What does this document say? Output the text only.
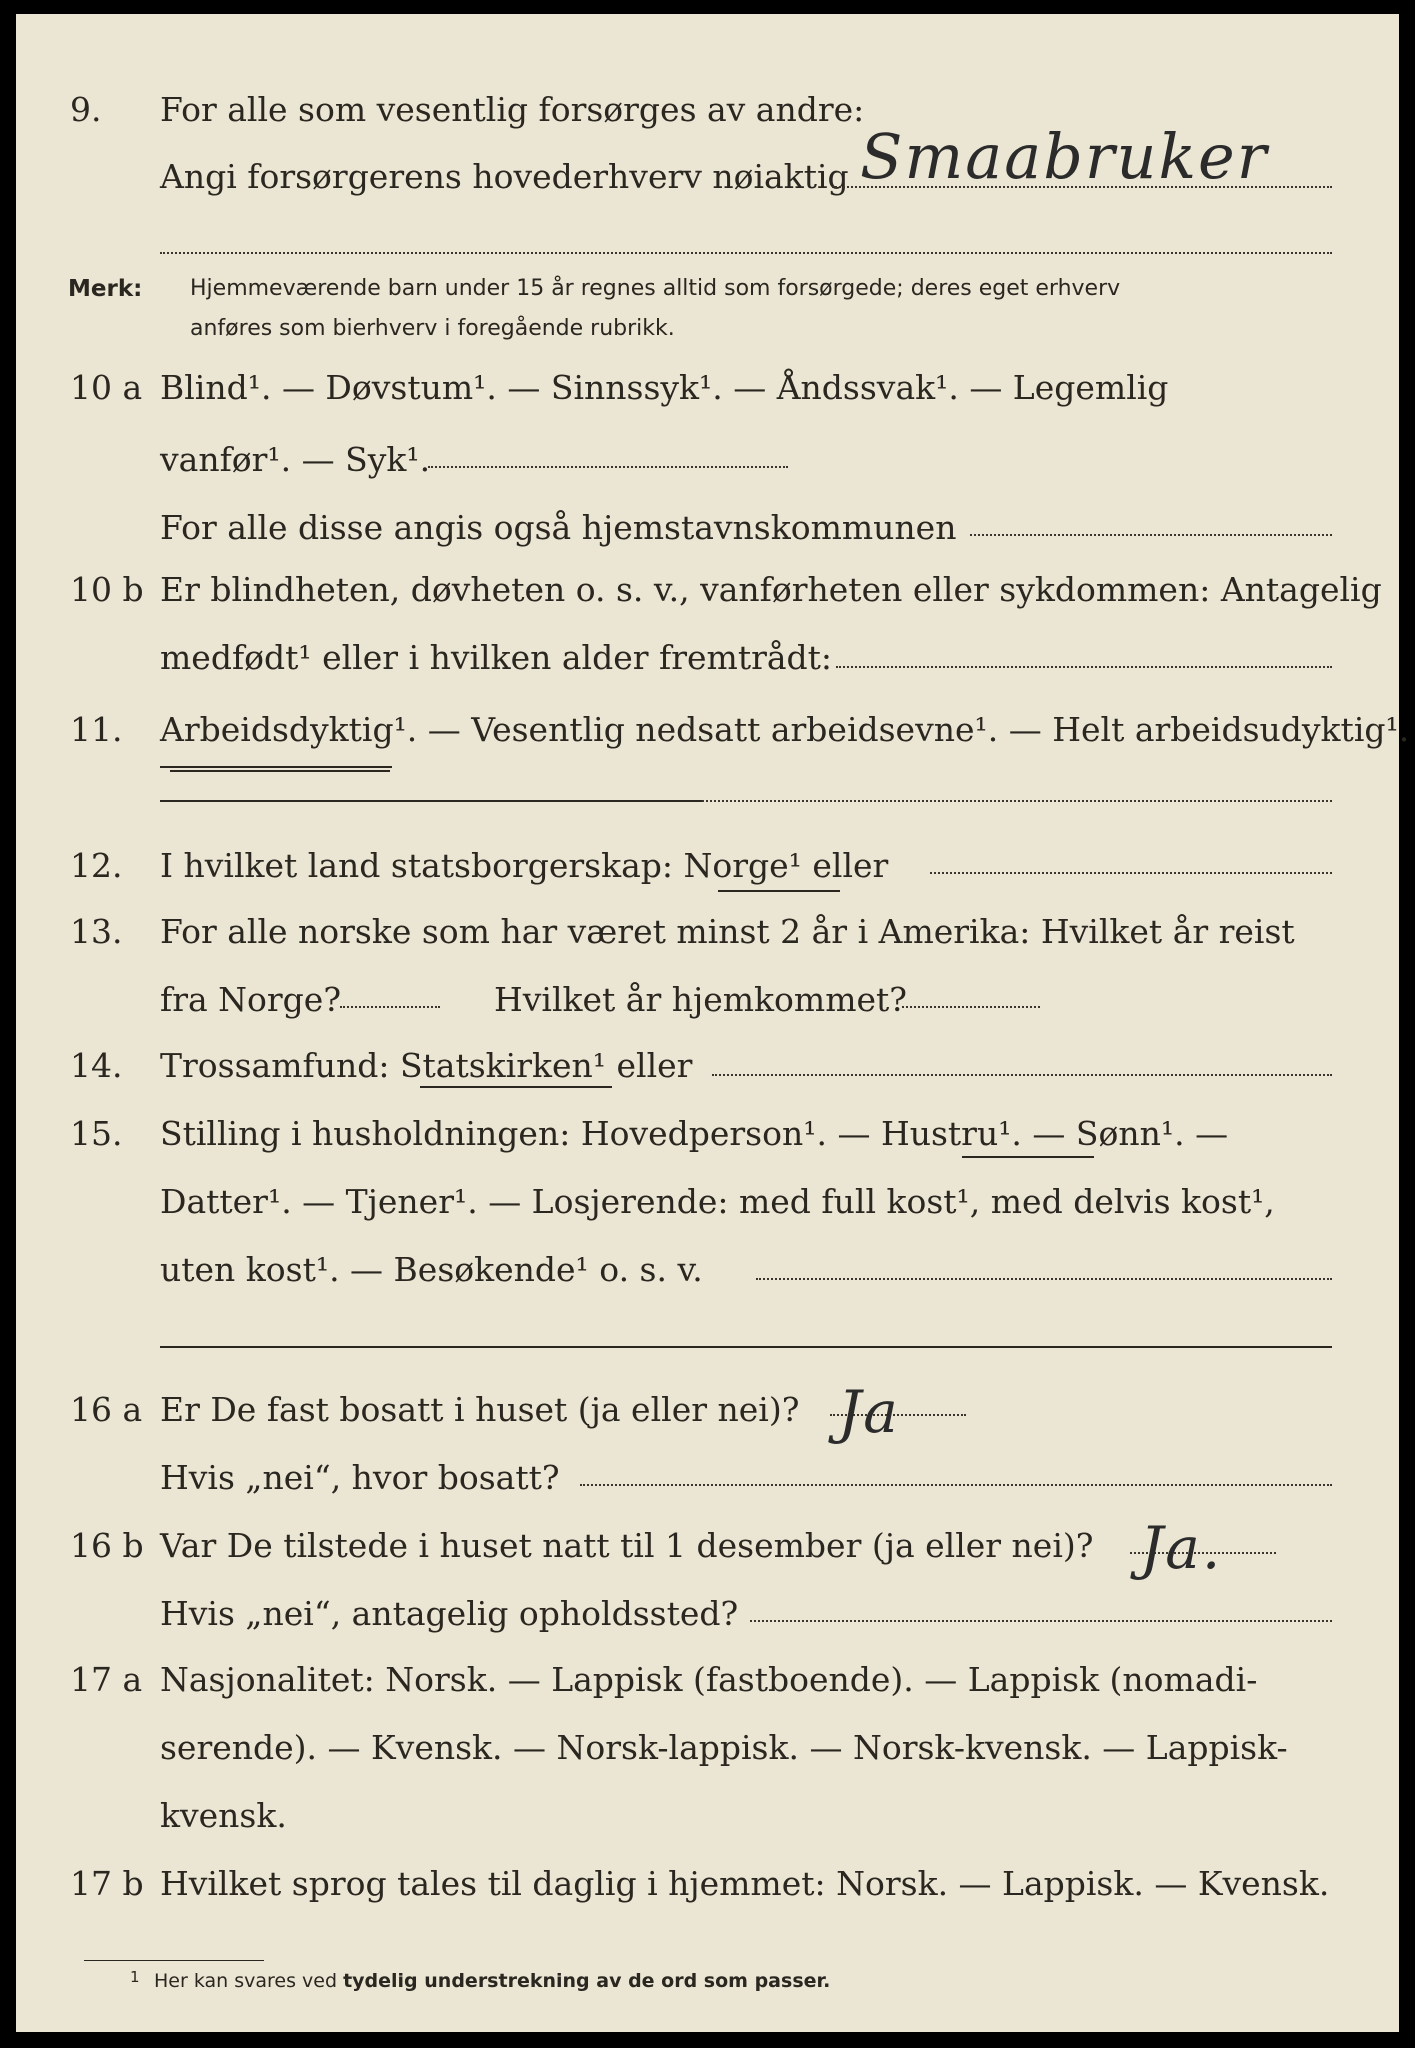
9. For alle som vesentlig forsørges av andre:
Angi forsørgerens hovederhverv nøiaktig Smaabruker
Merk: Hjemmeværende barn under 15 år regnes alltid som forsørgede; deres eget erhverv
anføres som bierhverv i foregående rubrikk.
10 a Blind¹. — Døvstum¹. — Sinnssyk¹. — Åndssvak¹. — Legemlig
vanfør¹. — Syk¹.
For alle disse angis også hjemstavnskommunen
10 b Er blindheten, døvheten o. s. v., vanførheten eller sykdommen: Antagelig
medfødt¹ eller i hvilken alder fremtrådt:
11. Arbeidsdyktig¹. — Vesentlig nedsatt arbeidsevne¹. — Helt arbeidsudyktig¹.
12. I hvilket land statsborgerskap: Norge¹ eller
13. For alle norske som har været minst 2 år i Amerika: Hvilket år reist
fra Norge?	Hvilket år hjemkommet?
14. Trossamfund: Statskirken¹ eller
15. Stilling i husholdningen: Hovedperson¹. — Hustru¹. — Sønn¹. —
Datter¹. — Tjener¹. — Losjerende: med full kost¹, med delvis kost¹,
uten kost¹. — Besøkende¹ o. s. v.
16 a Er De fast bosatt i huset (ja eller nei)? Ja
Hvis „nei“, hvor bosatt?
16 b Var De tilstede i huset natt til 1 desember (ja eller nei)? Ja.
Hvis „nei“, antagelig opholdssted?
17 a Nasjonalitet: Norsk. — Lappisk (fastboende). — Lappisk (nomadi-
serende). — Kvensk. — Norsk-lappisk. — Norsk-kvensk. — Lappisk-
kvensk.
17 b Hvilket sprog tales til daglig i hjemmet: Norsk. — Lappisk. — Kvensk.
1 Her kan svares ved tydelig understrekning av de ord som passer.
